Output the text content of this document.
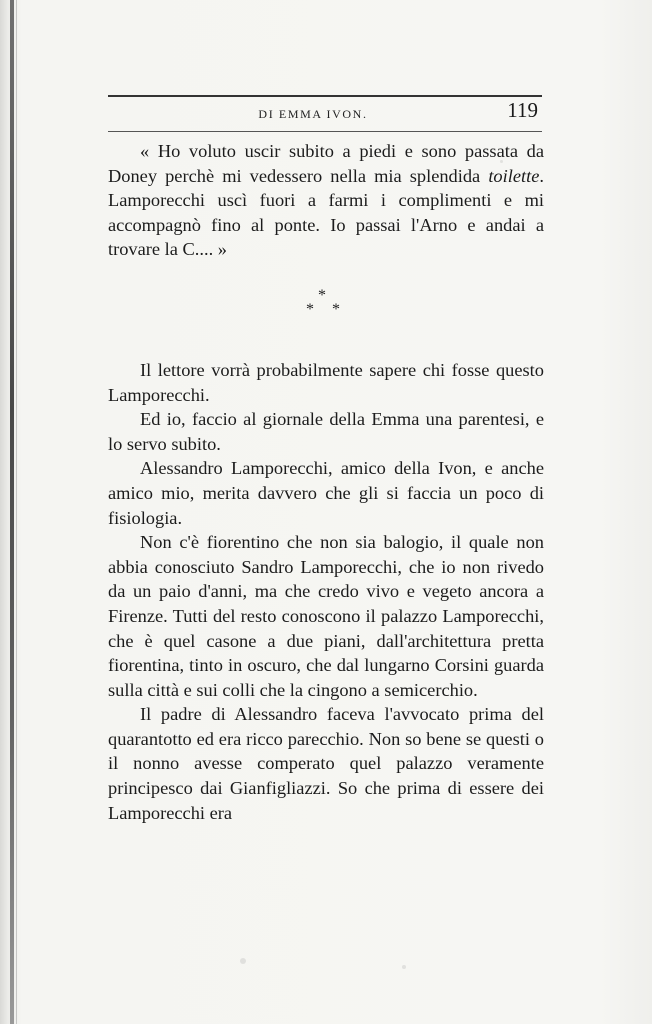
DI EMMA IVON.	119

« Ho voluto uscir subito a piedi e sono passata da Doney perchè mi vedessero nella mia splendida toilette. Lamporecchi uscì fuori a farmi i complimenti e mi accompagnò fino al ponte. Io passai l'Arno e andai a trovare la C.... »

*
* *

Il lettore vorrà probabilmente sapere chi fosse questo Lamporecchi.

Ed io, faccio al giornale della Emma una parentesi, e lo servo subito.

Alessandro Lamporecchi, amico della Ivon, e anche amico mio, merita davvero che gli si faccia un poco di fisiologia.

Non c'è fiorentino che non sia balogio, il quale non abbia conosciuto Sandro Lamporecchi, che io non rivedo da un paio d'anni, ma che credo vivo e vegeto ancora a Firenze. Tutti del resto conoscono il palazzo Lamporecchi, che è quel casone a due piani, dall'architettura pretta fiorentina, tinto in oscuro, che dal lungarno Corsini guarda sulla città e sui colli che la cingono a semicerchio.

Il padre di Alessandro faceva l'avvocato prima del quarantotto ed era ricco parecchio. Non so bene se questi o il nonno avesse comperato quel palazzo veramente principesco dai Gianfigliazzi. So che prima di essere dei Lamporecchi era
